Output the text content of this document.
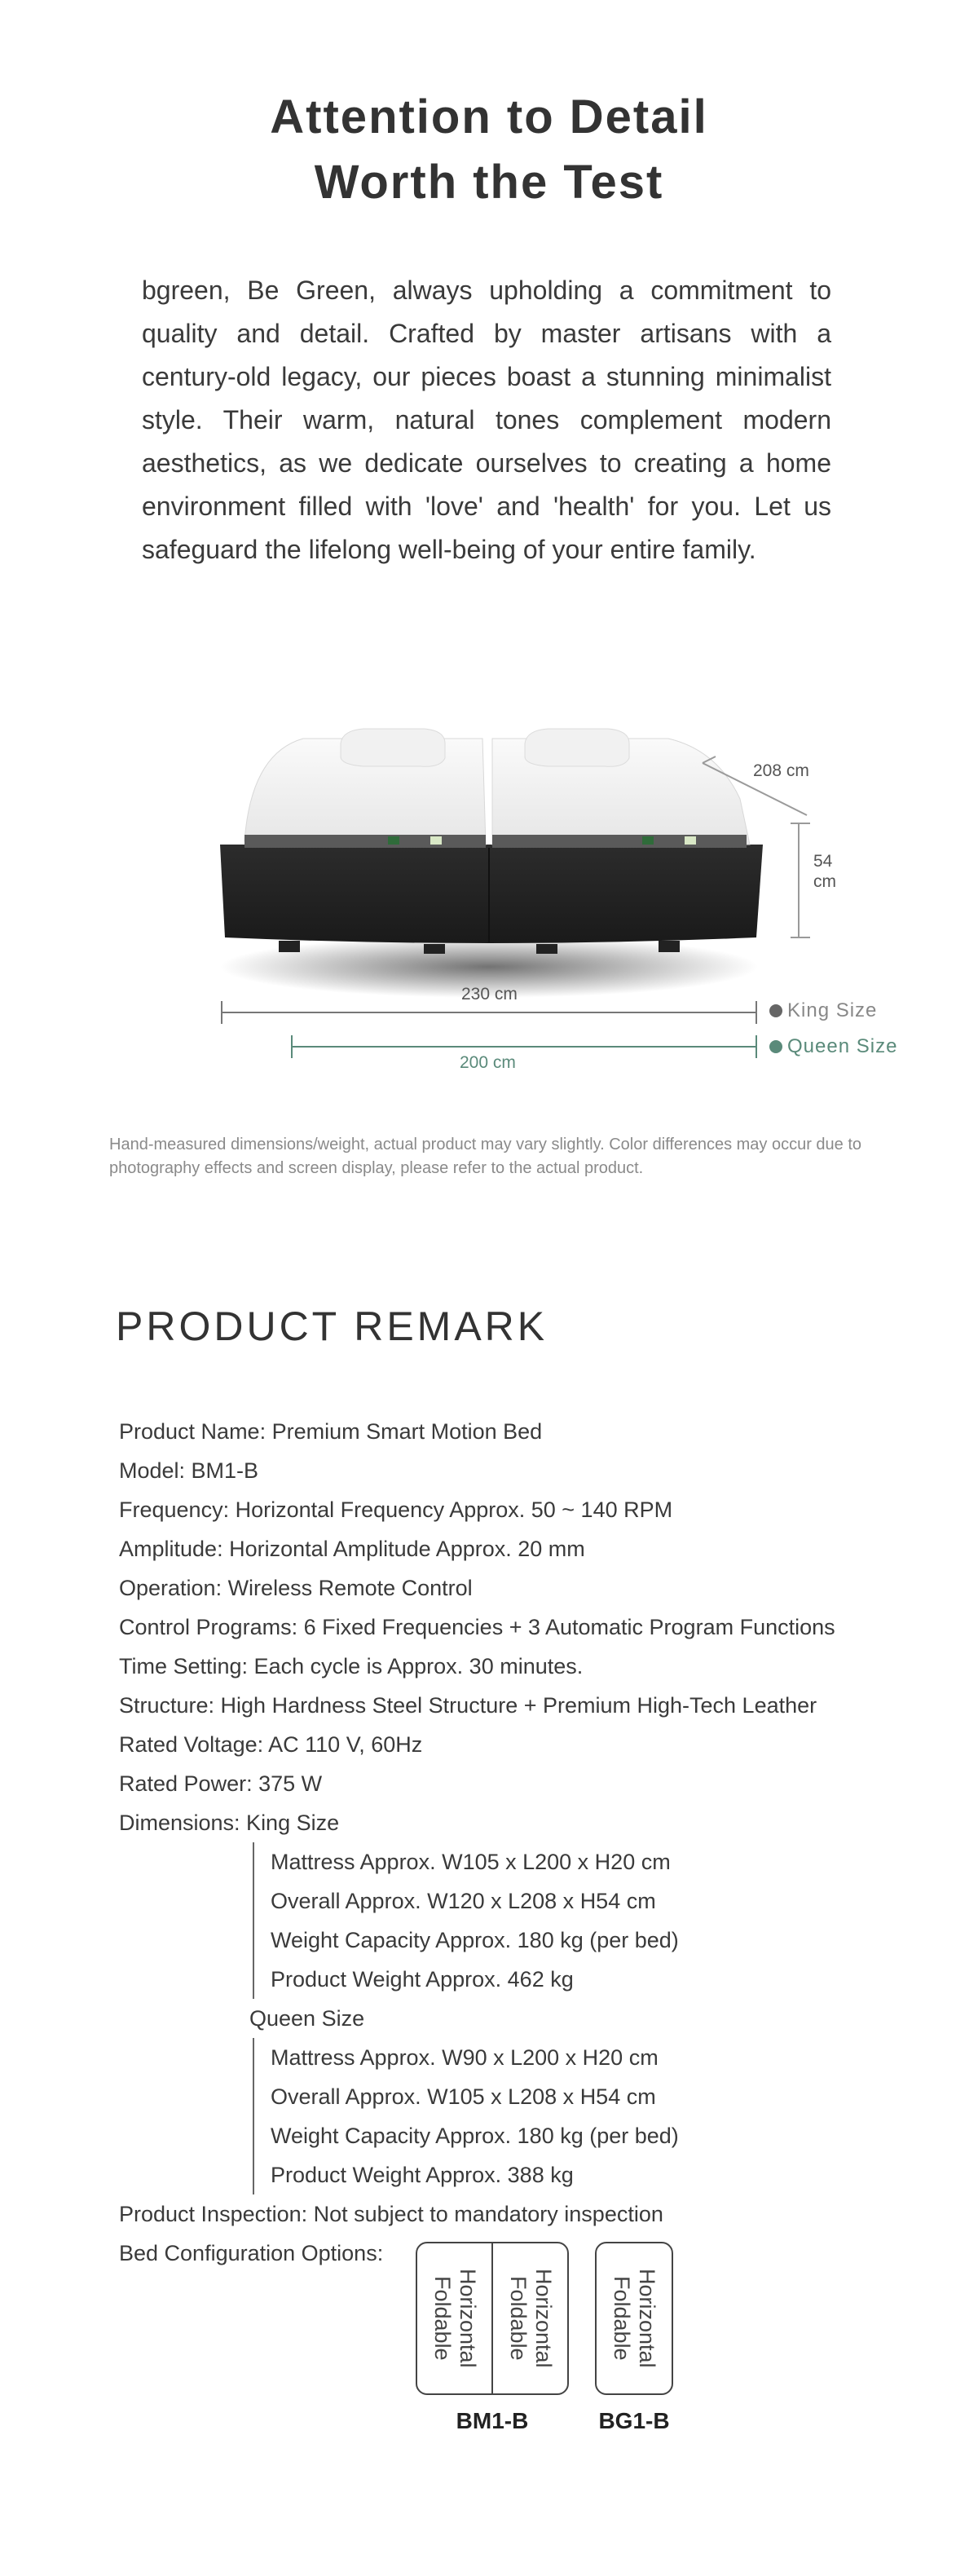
Attention to Detail
Worth the Test

bgreen, Be Green, always upholding a commitment to quality and detail. Crafted by master artisans with a century-old legacy, our pieces boast a stunning minimalist style. Their warm, natural tones complement modern aesthetics, as we dedicate ourselves to creating a home environment filled with 'love' and 'health' for you. Let us safeguard the lifelong well-being of your entire family.

208 cm
54
cm
230 cm
200 cm
King Size
Queen Size

Hand-measured dimensions/weight, actual product may vary slightly. Color differences may occur due to photography effects and screen display, please refer to the actual product.

PRODUCT REMARK
Product Name: Premium Smart Motion Bed
Model: BM1-B
Frequency: Horizontal Frequency Approx. 50 ~ 140 RPM
Amplitude: Horizontal Amplitude Approx. 20 mm
Operation: Wireless Remote Control
Control Programs: 6 Fixed Frequencies + 3 Automatic Program Functions
Time Setting: Each cycle is Approx. 30 minutes.
Structure: High Hardness Steel Structure + Premium High-Tech Leather
Rated Voltage: AC 110 V, 60Hz
Rated Power: 375 W
Dimensions: King Size
Mattress Approx. W105 x L200 x H20 cm
Overall Approx. W120 x L208 x H54 cm
Weight Capacity Approx. 180 kg (per bed)
Product Weight Approx. 462 kg
Queen Size
Mattress Approx. W90 x L200 x H20 cm
Overall Approx. W105 x L208 x H54 cm
Weight Capacity Approx. 180 kg (per bed)
Product Weight Approx. 388 kg
Product Inspection: Not subject to mandatory inspection
Bed Configuration Options:
Horizontal
Foldable	Horizontal
Foldable
BM1-B
Horizontal
Foldable
BG1-B
